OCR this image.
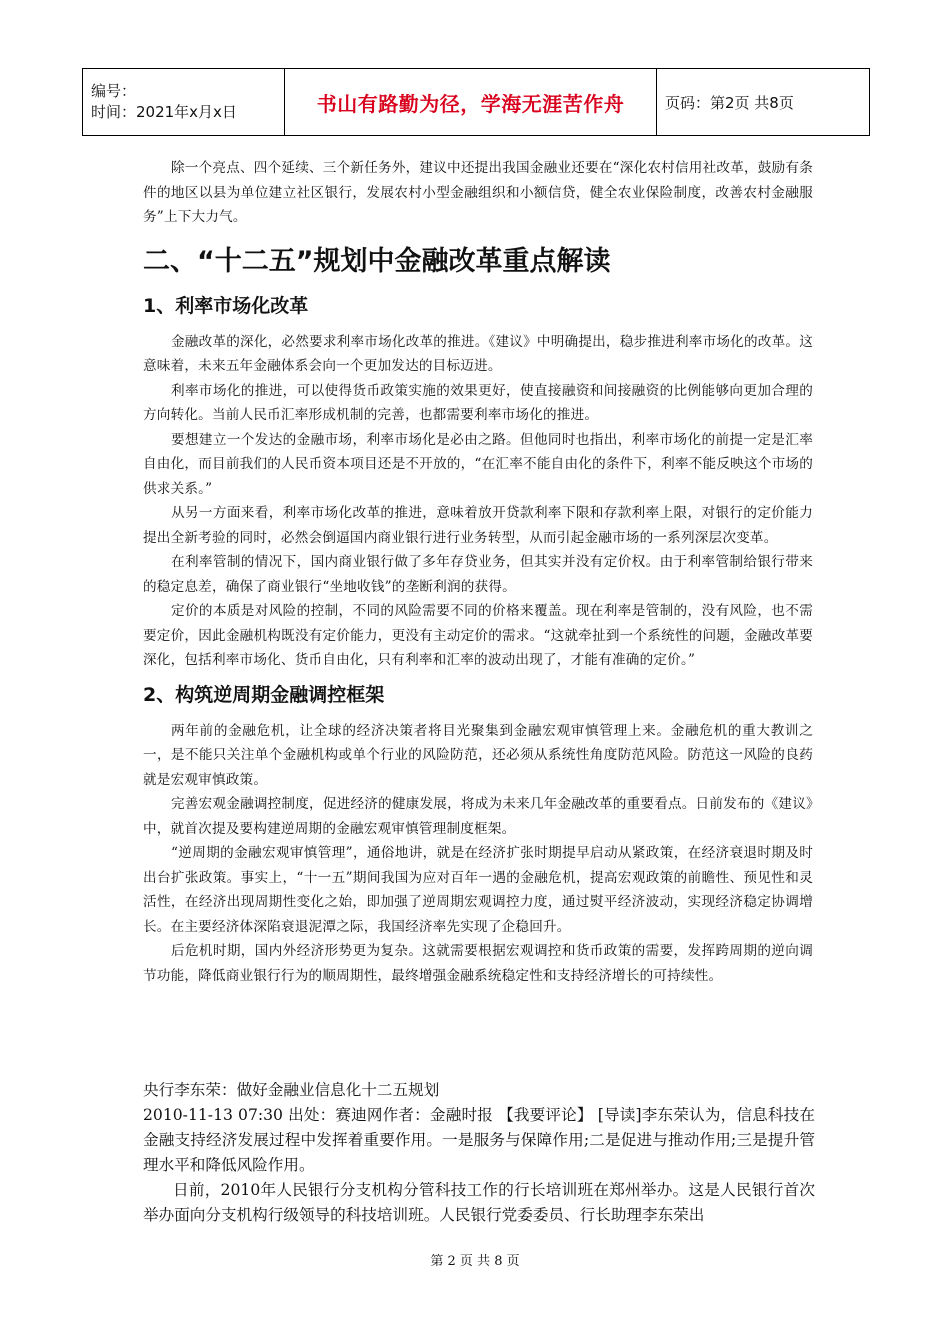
编号：
时间：2021年x月x日	书山有路勤为径，学海无涯苦作舟	页码：第2页 共8页

除一个亮点、四个延续、三个新任务外，建议中还提出我国金融业还要在“深化农村信用社改革，鼓励有条件的地区以县为单位建立社区银行，发展农村小型金融组织和小额信贷，健全农业保险制度，改善农村金融服务”上下大力气。

二、“十二五”规划中金融改革重点解读
1、利率市场化改革

金融改革的深化，必然要求利率市场化改革的推进。《建议》中明确提出，稳步推进利率市场化的改革。这意味着，未来五年金融体系会向一个更加发达的目标迈进。

利率市场化的推进，可以使得货币政策实施的效果更好，使直接融资和间接融资的比例能够向更加合理的方向转化。当前人民币汇率形成机制的完善，也都需要利率市场化的推进。

要想建立一个发达的金融市场，利率市场化是必由之路。但他同时也指出，利率市场化的前提一定是汇率自由化，而目前我们的人民币资本项目还是不开放的，“在汇率不能自由化的条件下，利率不能反映这个市场的供求关系。”

从另一方面来看，利率市场化改革的推进，意味着放开贷款利率下限和存款利率上限，对银行的定价能力提出全新考验的同时，必然会倒逼国内商业银行进行业务转型，从而引起金融市场的一系列深层次变革。

在利率管制的情况下，国内商业银行做了多年存贷业务，但其实并没有定价权。由于利率管制给银行带来的稳定息差，确保了商业银行“坐地收钱”的垄断利润的获得。

定价的本质是对风险的控制，不同的风险需要不同的价格来覆盖。现在利率是管制的，没有风险，也不需要定价，因此金融机构既没有定价能力，更没有主动定价的需求。“这就牵扯到一个系统性的问题，金融改革要深化，包括利率市场化、货币自由化，只有利率和汇率的波动出现了，才能有准确的定价。”

2、构筑逆周期金融调控框架

两年前的金融危机，让全球的经济决策者将目光聚集到金融宏观审慎管理上来。金融危机的重大教训之一，是不能只关注单个金融机构或单个行业的风险防范，还必须从系统性角度防范风险。防范这一风险的良药就是宏观审慎政策。

完善宏观金融调控制度，促进经济的健康发展，将成为未来几年金融改革的重要看点。日前发布的《建议》中，就首次提及要构建逆周期的金融宏观审慎管理制度框架。

“逆周期的金融宏观审慎管理”，通俗地讲，就是在经济扩张时期提早启动从紧政策，在经济衰退时期及时出台扩张政策。事实上，“十一五”期间我国为应对百年一遇的金融危机，提高宏观政策的前瞻性、预见性和灵活性，在经济出现周期性变化之始，即加强了逆周期宏观调控力度，通过熨平经济波动，实现经济稳定协调增长。在主要经济体深陷衰退泥潭之际，我国经济率先实现了企稳回升。

后危机时期，国内外经济形势更为复杂。这就需要根据宏观调控和货币政策的需要，发挥跨周期的逆向调节功能，降低商业银行行为的顺周期性，最终增强金融系统稳定性和支持经济增长的可持续性。

央行李东荣：做好金融业信息化十二五规划

2010-11-13 07:30 出处：赛迪网作者：金融时报 【我要评论】 [导读]李东荣认为，信息科技在金融支持经济发展过程中发挥着重要作用。一是服务与保障作用;二是促进与推动作用;三是提升管理水平和降低风险作用。

日前，2010年人民银行分支机构分管科技工作的行长培训班在郑州举办。这是人民银行首次举办面向分支机构行级领导的科技培训班。人民银行党委委员、行长助理李东荣出

第 2 页 共 8 页
